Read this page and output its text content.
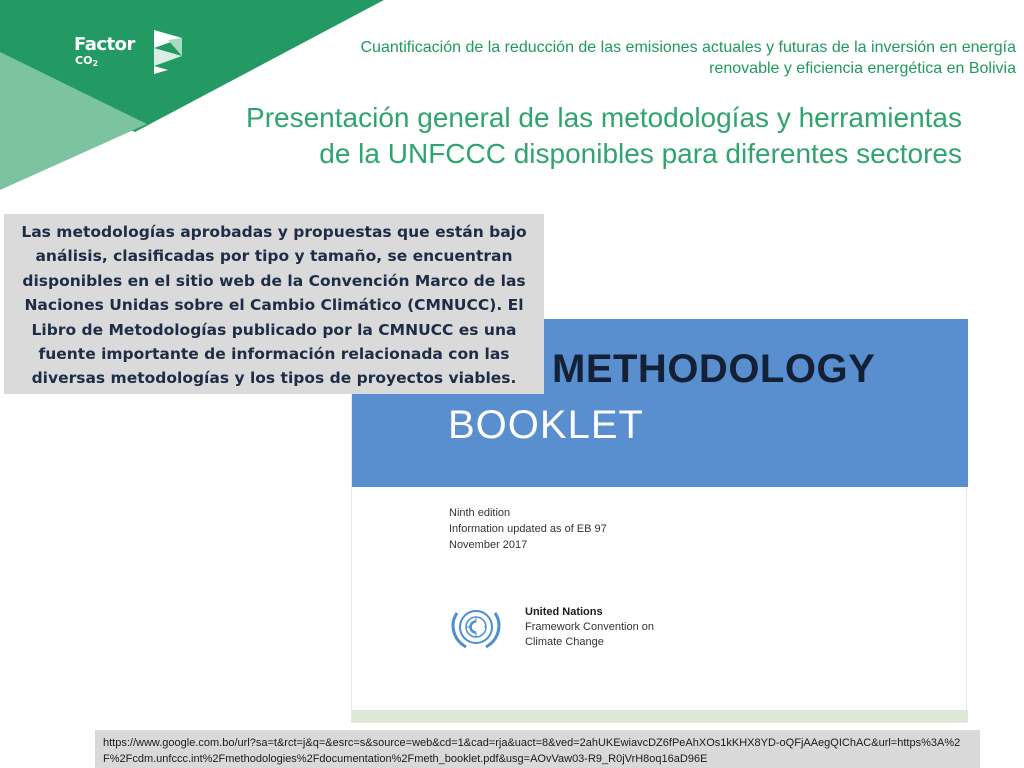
Factor
$CO_2$
Cuantificación de la reducción de las emisiones actuales y futuras de la inversión en energía renovable y eficiencia energética en Bolivia
Presentación general de las metodologías y herramientas
de la UNFCCC disponibles para diferentes sectores
METHODOLOGY
BOOKLET
Ninth edition
Information updated as of EB 97
November 2017
United Nations
Framework Convention on
Climate Change
Las metodologías aprobadas y propuestas que están bajo análisis, clasificadas por tipo y tamaño, se encuentran disponibles en el sitio web de la Convención Marco de las Naciones Unidas sobre el Cambio Climático (CMNUCC). El Libro de Metodologías publicado por la CMNUCC es una fuente importante de información relacionada con las diversas metodologías y los tipos de proyectos viables.
https://www.google.com.bo/url?sa=t&rct=j&q=&esrc=s&source=web&cd=1&cad=rja&uact=8&ved=2ahUKEwiavcDZ6fPeAhXOs1kKHX8YD-oQFjAAegQIChAC&url=https%3A%2F%2Fcdm.unfccc.int%2Fmethodologies%2Fdocumentation%2Fmeth_booklet.pdf&usg=AOvVaw03-R9_R0jVrH8oq16aD96E
